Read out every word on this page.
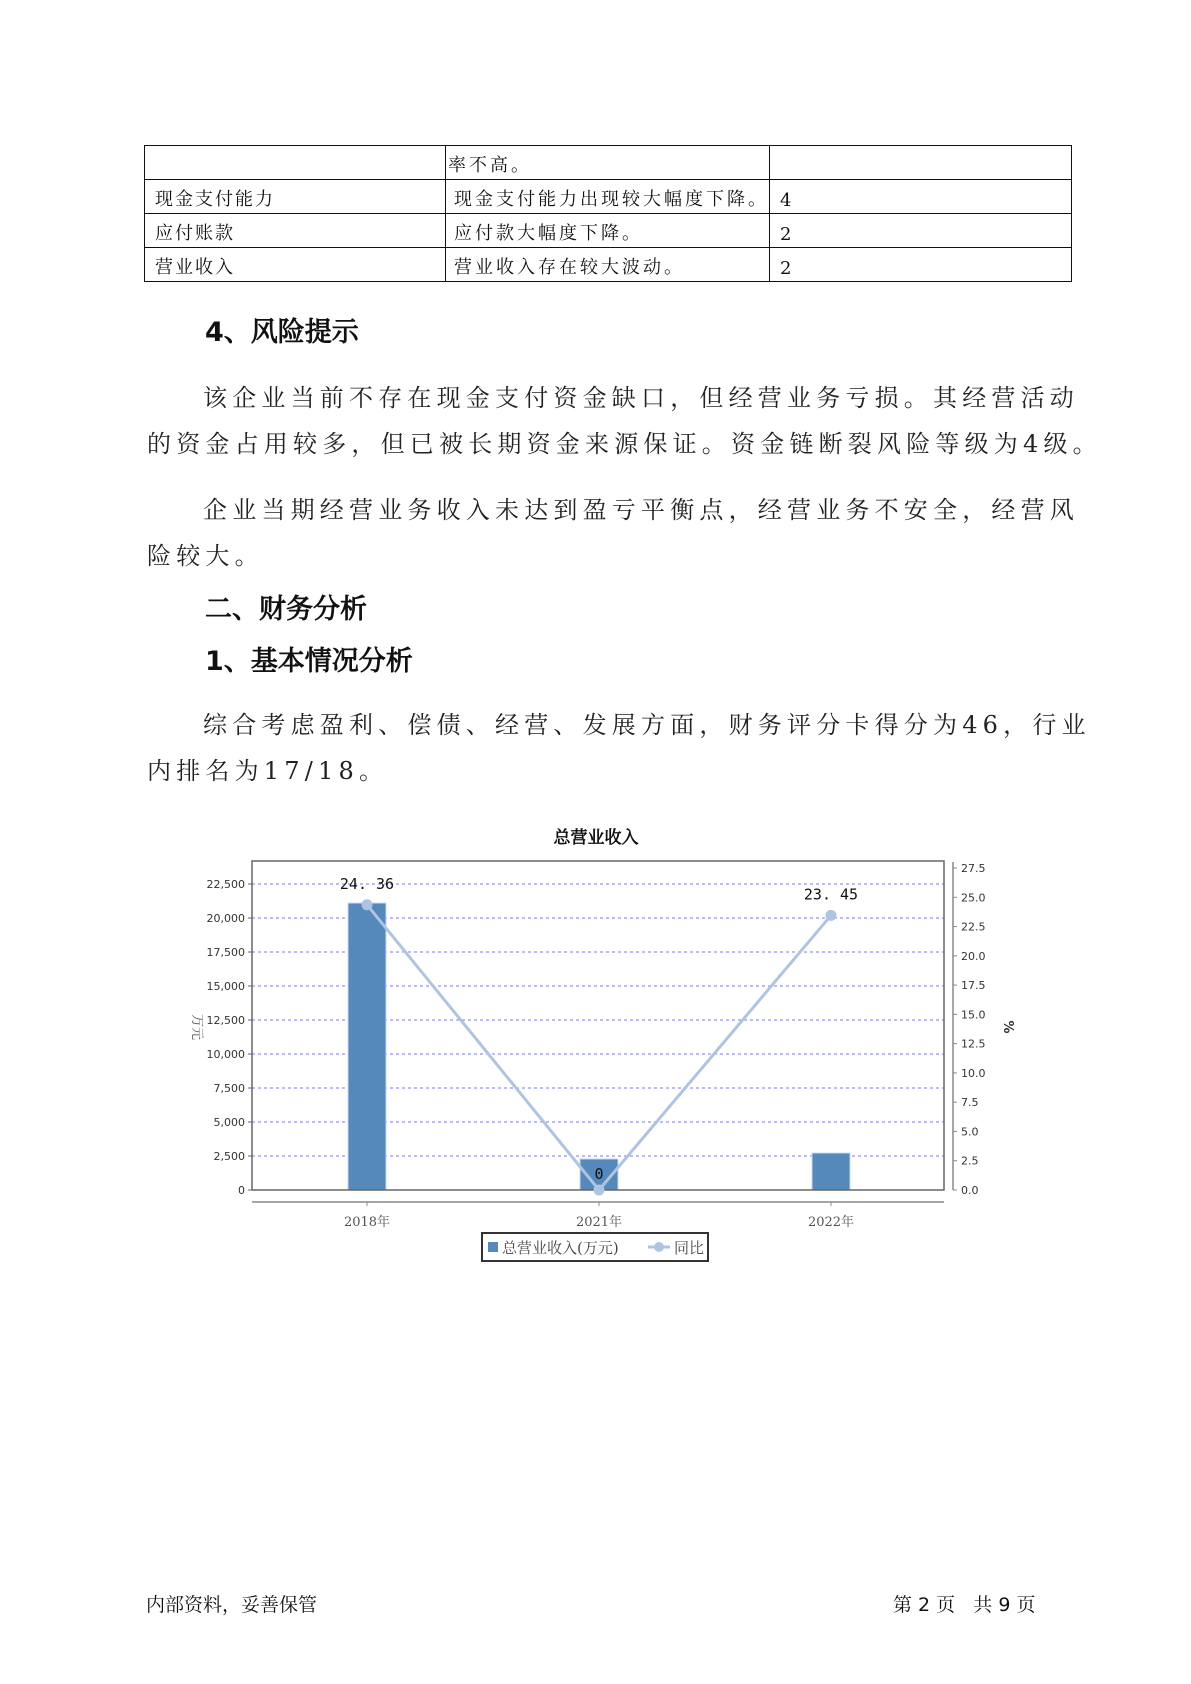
	率不高。	
现金支付能力	现金支付能力出现较大幅度下降。	4
应付账款	应付款大幅度下降。	2
营业收入	营业收入存在较大波动。	2
4、风险提示
该企业当前不存在现金支付资金缺口，但经营业务亏损。其经营活动
的资金占用较多，但已被长期资金来源保证。资金链断裂风险等级为4级。
企业当期经营业务收入未达到盈亏平衡点，经营业务不安全，经营风
险较大。
二、财务分析
1、基本情况分析
综合考虑盈利、偿债、经营、发展方面，财务评分卡得分为46，行业
内排名为17/18。
总营业收入
0
2,500
5,000
7,500
10,000
12,500
15,000
17,500
20,000
22,500
0.0
2.5
5.0
7.5
10.0
12.5
15.0
17.5
20.0
22.5
25.0
27.5
2018年	2021年	2022年
24. 36
0
23. 45
万元	%
总营业收入(万元)	同比
内部资料，妥善保管	第 2 页   共 9 页
